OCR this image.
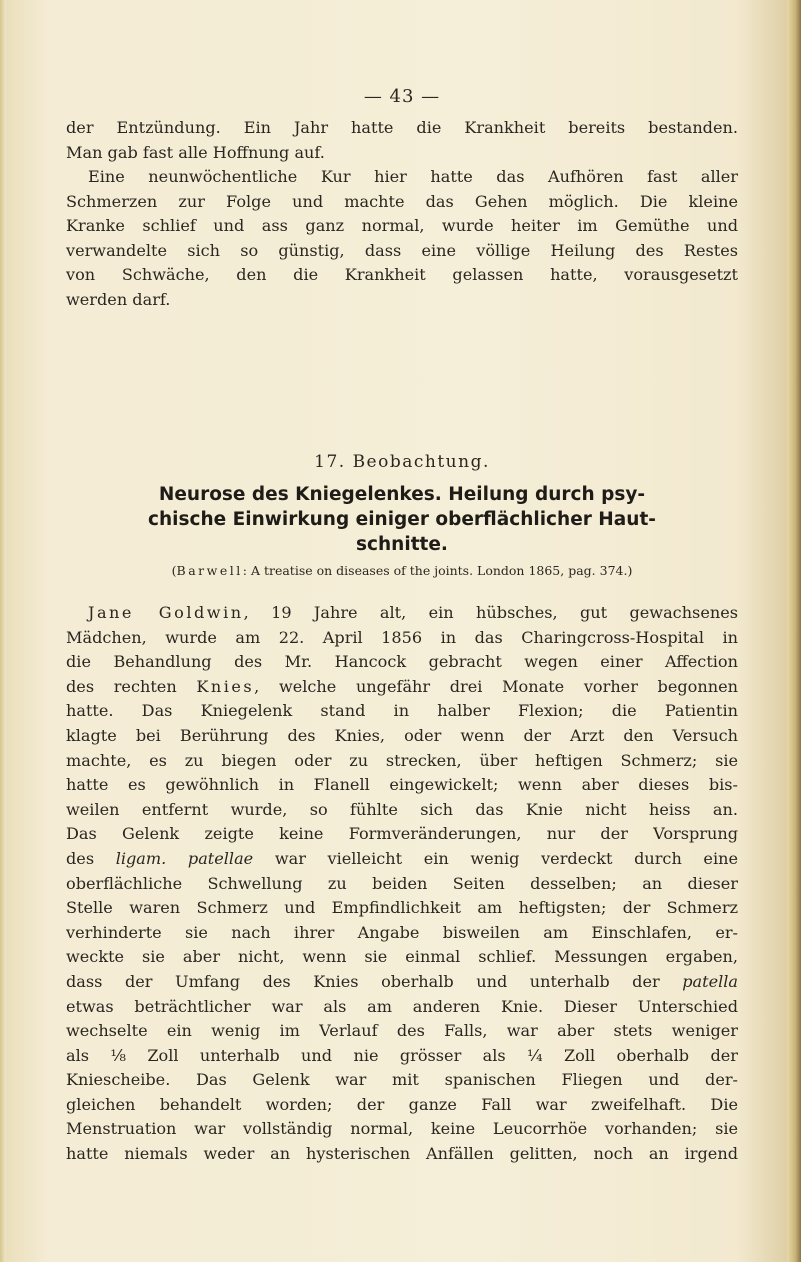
— 43 —
der Entzündung. Ein Jahr hatte die Krankheit bereits bestanden.
Man gab fast alle Hoffnung auf.
Eine neunwöchentliche Kur hier hatte das Aufhören fast aller
Schmerzen zur Folge und machte das Gehen möglich. Die kleine
Kranke schlief und ass ganz normal, wurde heiter im Gemüthe und
verwandelte sich so günstig, dass eine völlige Heilung des Restes
von Schwäche, den die Krankheit gelassen hatte, vorausgesetzt
werden darf.
17. Beobachtung.
Neurose des Kniegelenkes. Heilung durch psy-
chische Einwirkung einiger oberflächlicher Haut-
schnitte.
(Barwell: A treatise on diseases of the joints. London 1865, pag. 374.)
Jane Goldwin, 19 Jahre alt, ein hübsches, gut gewachsenes
Mädchen, wurde am 22. April 1856 in das Charingcross-Hospital in
die Behandlung des Mr. Hancock gebracht wegen einer Affection
des rechten Knies, welche ungefähr drei Monate vorher begonnen
hatte. Das Kniegelenk stand in halber Flexion; die Patientin
klagte bei Berührung des Knies, oder wenn der Arzt den Versuch
machte, es zu biegen oder zu strecken, über heftigen Schmerz; sie
hatte es gewöhnlich in Flanell eingewickelt; wenn aber dieses bis-
weilen entfernt wurde, so fühlte sich das Knie nicht heiss an.
Das Gelenk zeigte keine Formveränderungen, nur der Vorsprung
des ligam. patellae war vielleicht ein wenig verdeckt durch eine
oberflächliche Schwellung zu beiden Seiten desselben; an dieser
Stelle waren Schmerz und Empfindlichkeit am heftigsten; der Schmerz
verhinderte sie nach ihrer Angabe bisweilen am Einschlafen, er-
weckte sie aber nicht, wenn sie einmal schlief. Messungen ergaben,
dass der Umfang des Knies oberhalb und unterhalb der patella
etwas beträchtlicher war als am anderen Knie. Dieser Unterschied
wechselte ein wenig im Verlauf des Falls, war aber stets weniger
als ¹⁄₈ Zoll unterhalb und nie grösser als ¹⁄₄ Zoll oberhalb der
Kniescheibe. Das Gelenk war mit spanischen Fliegen und der-
gleichen behandelt worden; der ganze Fall war zweifelhaft. Die
Menstruation war vollständig normal, keine Leucorrhöe vorhanden; sie
hatte niemals weder an hysterischen Anfällen gelitten, noch an irgend
